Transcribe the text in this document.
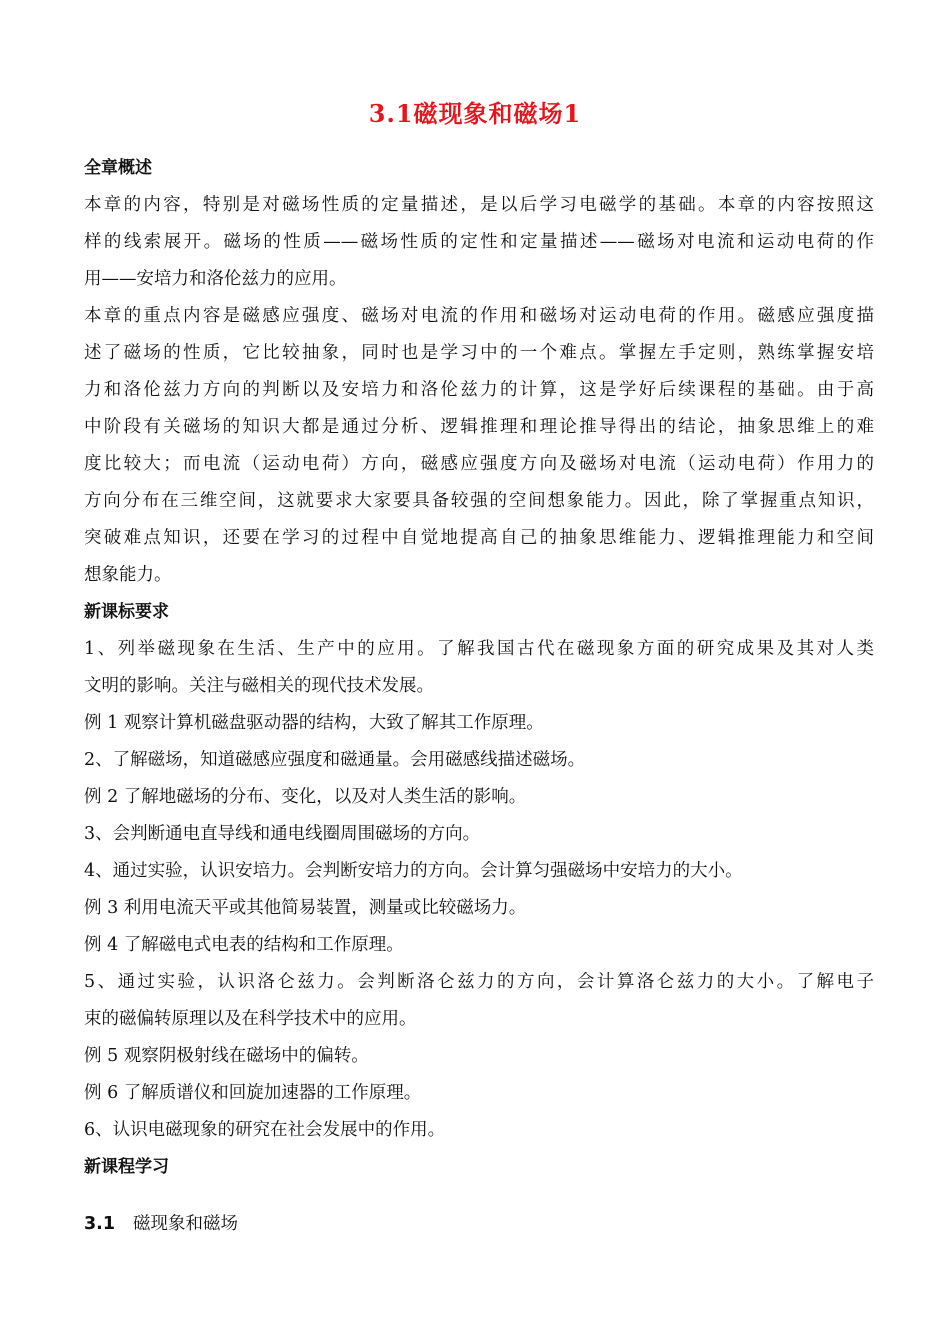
3.1磁现象和磁场1
全章概述
本章的内容，特别是对磁场性质的定量描述，是以后学习电磁学的基础。本章的内容按照这
样的线索展开。磁场的性质——磁场性质的定性和定量描述——磁场对电流和运动电荷的作
用——安培力和洛伦兹力的应用。
本章的重点内容是磁感应强度、磁场对电流的作用和磁场对运动电荷的作用。磁感应强度描
述了磁场的性质，它比较抽象，同时也是学习中的一个难点。掌握左手定则，熟练掌握安培
力和洛伦兹力方向的判断以及安培力和洛伦兹力的计算，这是学好后续课程的基础。由于高
中阶段有关磁场的知识大都是通过分析、逻辑推理和理论推导得出的结论，抽象思维上的难
度比较大；而电流（运动电荷）方向，磁感应强度方向及磁场对电流（运动电荷）作用力的
方向分布在三维空间，这就要求大家要具备较强的空间想象能力。因此，除了掌握重点知识，
突破难点知识，还要在学习的过程中自觉地提高自己的抽象思维能力、逻辑推理能力和空间
想象能力。
新课标要求
1、列举磁现象在生活、生产中的应用。了解我国古代在磁现象方面的研究成果及其对人类
文明的影响。关注与磁相关的现代技术发展。
例 1 观察计算机磁盘驱动器的结构，大致了解其工作原理。
2、了解磁场，知道磁感应强度和磁通量。会用磁感线描述磁场。
例 2 了解地磁场的分布、变化，以及对人类生活的影响。
3、会判断通电直导线和通电线圈周围磁场的方向。
4、通过实验，认识安培力。会判断安培力的方向。会计算匀强磁场中安培力的大小。
例 3 利用电流天平或其他简易装置，测量或比较磁场力。
例 4 了解磁电式电表的结构和工作原理。
5、通过实验，认识洛仑兹力。会判断洛仑兹力的方向，会计算洛仑兹力的大小。了解电子
束的磁偏转原理以及在科学技术中的应用。
例 5 观察阴极射线在磁场中的偏转。
例 6 了解质谱仪和回旋加速器的工作原理。
6、认识电磁现象的研究在社会发展中的作用。
新课程学习
3.1 磁现象和磁场
